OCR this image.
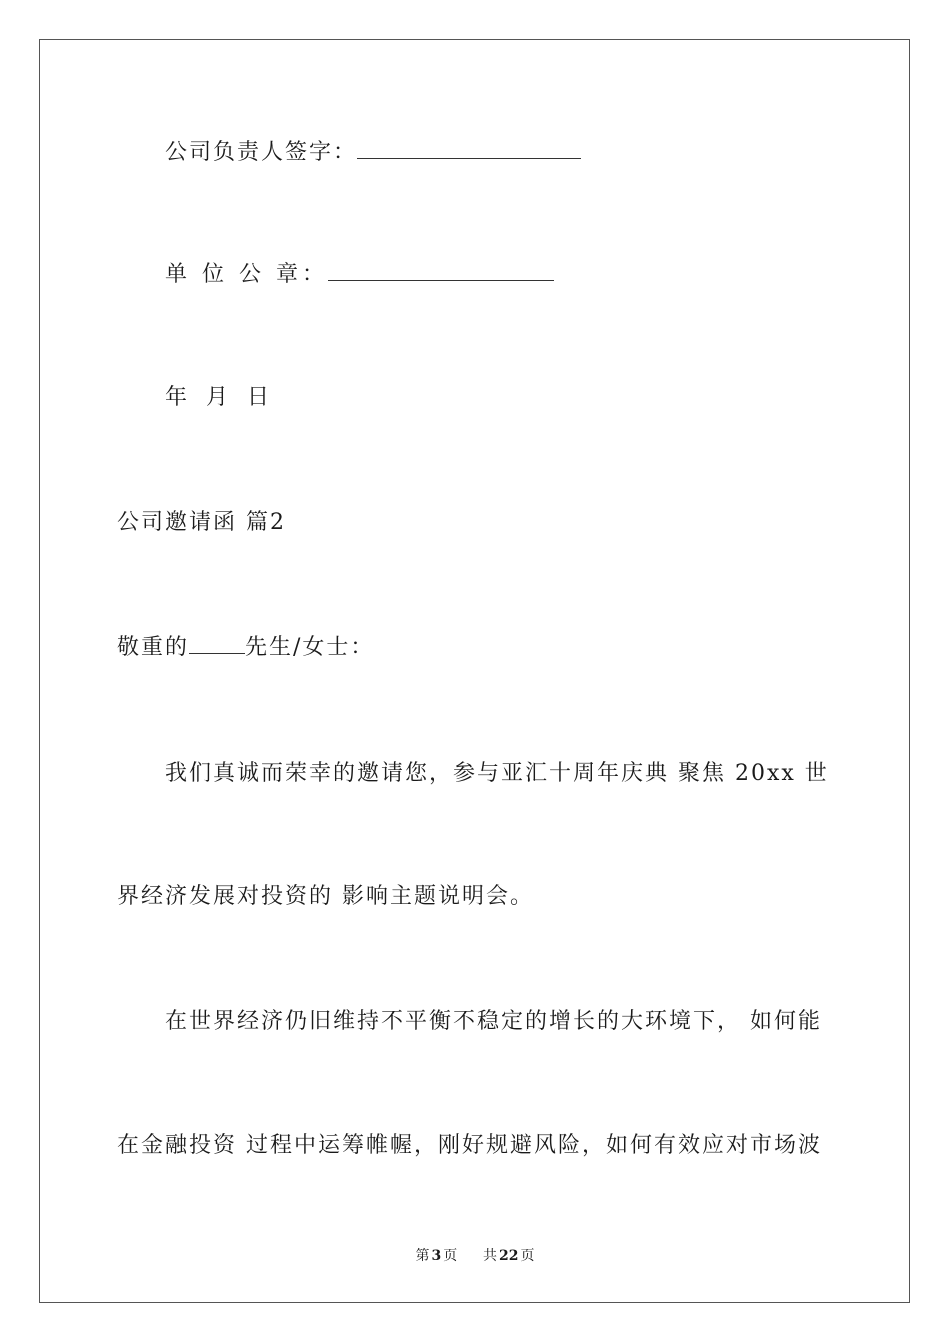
公司负责人签字：
单 位 公 章：
年 月 日
公司邀请函 篇2
敬重的	先生/女士：
我们真诚而荣幸的邀请您，参与亚汇十周年庆典 聚焦 20xx 世
界经济发展对投资的 影响主题说明会。
在世界经济仍旧维持不平衡不稳定的增长的大环境下， 如何能
在金融投资 过程中运筹帷幄，刚好规避风险，如何有效应对市场波
第 3 页 共 22 页
